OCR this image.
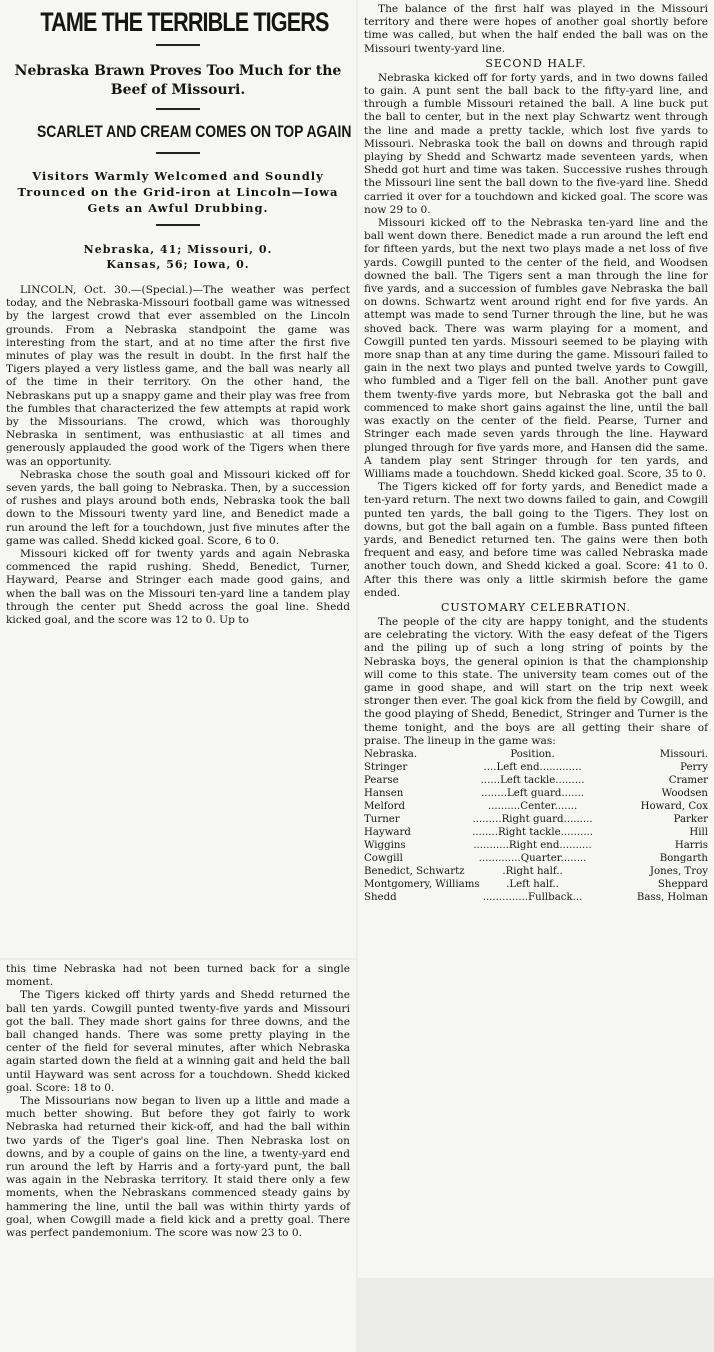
TAME THE TERRIBLE TIGERS
Nebraska Brawn Proves Too Much for the Beef of Missouri.
SCARLET AND CREAM COMES ON TOP AGAIN
Visitors Warmly Welcomed and Soundly Trounced on the Grid-iron at Lincoln—Iowa Gets an Awful Drubbing.
Nebraska, 41; Missouri, 0.
Kansas, 56; Iowa, 0.

LINCOLN, Oct. 30.—(Special.)—The weather was perfect today, and the Nebraska-Missouri football game was witnessed by the largest crowd that ever assembled on the Lincoln grounds. From a Nebraska standpoint the game was interesting from the start, and at no time after the first five minutes of play was the result in doubt. In the first half the Tigers played a very listless game, and the ball was nearly all of the time in their territory. On the other hand, the Nebraskans put up a snappy game and their play was free from the fumbles that characterized the few attempts at rapid work by the Missourians. The crowd, which was thoroughly Nebraska in sentiment, was enthusiastic at all times and generously applauded the good work of the Tigers when there was an opportunity.

Nebraska chose the south goal and Missouri kicked off for seven yards, the ball going to Nebraska. Then, by a succession of rushes and plays around both ends, Nebraska took the ball down to the Missouri twenty yard line, and Benedict made a run around the left for a touchdown, just five minutes after the game was called. Shedd kicked goal. Score, 6 to 0.

Missouri kicked off for twenty yards and again Nebraska commenced the rapid rushing. Shedd, Benedict, Turner, Hayward, Pearse and Stringer each made good gains, and when the ball was on the Missouri ten-yard line a tandem play through the center put Shedd across the goal line. Shedd kicked goal, and the score was 12 to 0. Up to

this time Nebraska had not been turned back for a single moment.

The Tigers kicked off thirty yards and Shedd returned the ball ten yards. Cowgill punted twenty-five yards and Missouri got the ball. They made short gains for three downs, and the ball changed hands. There was some pretty playing in the center of the field for several minutes, after which Nebraska again started down the field at a winning gait and held the ball until Hayward was sent across for a touchdown. Shedd kicked goal. Score: 18 to 0.

The Missourians now began to liven up a little and made a much better showing. But before they got fairly to work Nebraska had returned their kick-off, and had the ball within two yards of the Tiger's goal line. Then Nebraska lost on downs, and by a couple of gains on the line, a twenty-yard end run around the left by Harris and a forty-yard punt, the ball was again in the Nebraska territory. It staid there only a few moments, when the Nebraskans commenced steady gains by hammering the line, until the ball was within thirty yards of goal, when Cowgill made a field kick and a pretty goal. There was perfect pandemonium. The score was now 23 to 0.

The balance of the first half was played in the Missouri territory and there were hopes of another goal shortly before time was called, but when the half ended the ball was on the Missouri twenty-yard line.

SECOND HALF.

Nebraska kicked off for forty yards, and in two downs failed to gain. A punt sent the ball back to the fifty-yard line, and through a fumble Missouri retained the ball. A line buck put the ball to center, but in the next play Schwartz went through the line and made a pretty tackle, which lost five yards to Missouri. Nebraska took the ball on downs and through rapid playing by Shedd and Schwartz made seventeen yards, when Shedd got hurt and time was taken. Successive rushes through the Missouri line sent the ball down to the five-yard line. Shedd carried it over for a touchdown and kicked goal. The score was now 29 to 0.

Missouri kicked off to the Nebraska ten-yard line and the ball went down there. Benedict made a run around the left end for fifteen yards, but the next two plays made a net loss of five yards. Cowgill punted to the center of the field, and Woodsen downed the ball. The Tigers sent a man through the line for five yards, and a succession of fumbles gave Nebraska the ball on downs. Schwartz went around right end for five yards. An attempt was made to send Turner through the line, but he was shoved back. There was warm playing for a moment, and Cowgill punted ten yards. Missouri seemed to be playing with more snap than at any time during the game. Missouri failed to gain in the next two plays and punted twelve yards to Cowgill, who fumbled and a Tiger fell on the ball. Another punt gave them twenty-five yards more, but Nebraska got the ball and commenced to make short gains against the line, until the ball was exactly on the center of the field. Pearse, Turner and Stringer each made seven yards through the line. Hayward plunged through for five yards more, and Hansen did the same. A tandem play sent Stringer through for ten yards, and Williams made a touchdown. Shedd kicked goal. Score, 35 to 0.

The Tigers kicked off for forty yards, and Benedict made a ten-yard return. The next two downs failed to gain, and Cowgill punted ten yards, the ball going to the Tigers. They lost on downs, but got the ball again on a fumble. Bass punted fifteen yards, and Benedict returned ten. The gains were then both frequent and easy, and before time was called Nebraska made another touch down, and Shedd kicked a goal. Score: 41 to 0. After this there was only a little skirmish before the game ended.

CUSTOMARY CELEBRATION.

The people of the city are happy tonight, and the students are celebrating the victory. With the easy defeat of the Tigers and the piling up of such a long string of points by the Nebraska boys, the general opinion is that the championship will come to this state. The university team comes out of the game in good shape, and will start on the trip next week stronger then ever. The goal kick from the field by Cowgill, and the good playing of Shedd, Benedict, Stringer and Turner is the theme tonight, and the boys are all getting their share of praise. The lineup in the game was:

Nebraska.	Position.	Missouri.
Stringer	....Left end.............	Perry
Pearse	......Left tackle.........	Cramer
Hansen	........Left guard.......	Woodsen
Melford	..........Center.......	Howard, Cox
Turner	.........Right guard.........	Parker
Hayward	........Right tackle..........	Hill
Wiggins	...........Right end..........	Harris
Cowgill	.............Quarter........	Bongarth
Benedict, Schwartz	.Right half..	Jones, Troy
Montgomery, Williams	.Left half..	Sheppard
Shedd	..............Fullback...	Bass, Holman
